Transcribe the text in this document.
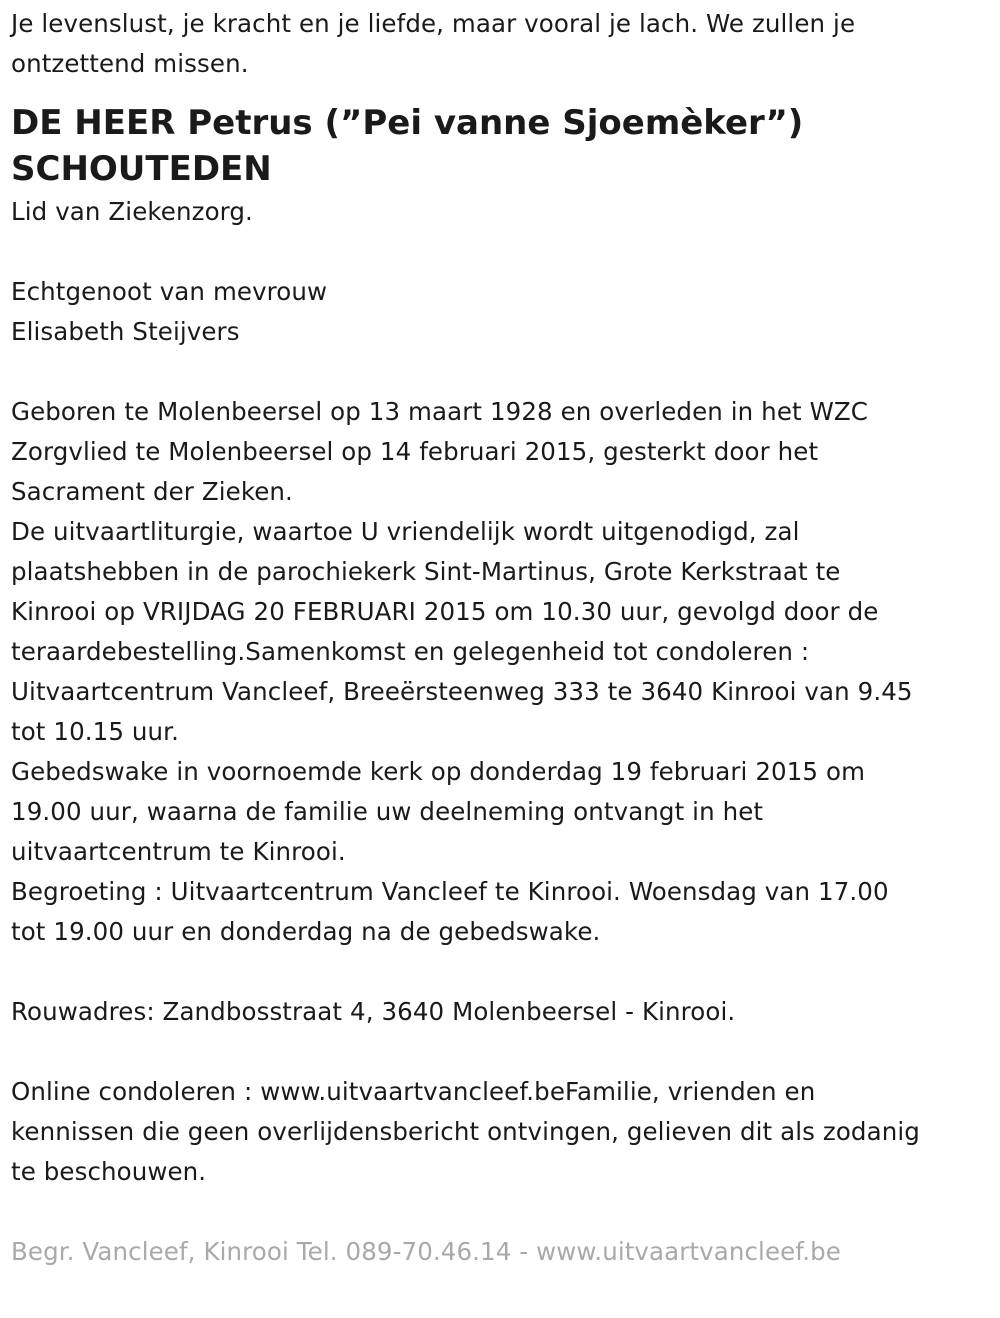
Je levenslust, je kracht en je liefde, maar vooral je lach. We zullen je
ontzettend missen.
DE HEER Petrus (”Pei vanne Sjoemèker”)
SCHOUTEDEN
Lid van Ziekenzorg.
Echtgenoot van mevrouw
Elisabeth Steijvers
Geboren te Molenbeersel op 13 maart 1928 en overleden in het WZC
Zorgvlied te Molenbeersel op 14 februari 2015, gesterkt door het
Sacrament der Zieken.
De uitvaartliturgie, waartoe U vriendelijk wordt uitgenodigd, zal
plaatshebben in de parochiekerk Sint-Martinus, Grote Kerkstraat te
Kinrooi op VRIJDAG 20 FEBRUARI 2015 om 10.30 uur, gevolgd door de
teraardebestelling.Samenkomst en gelegenheid tot condoleren :
Uitvaartcentrum Vancleef, Breeërsteenweg 333 te 3640 Kinrooi van 9.45
tot 10.15 uur.
Gebedswake in voornoemde kerk op donderdag 19 februari 2015 om
19.00 uur, waarna de familie uw deelneming ontvangt in het
uitvaartcentrum te Kinrooi.
Begroeting : Uitvaartcentrum Vancleef te Kinrooi. Woensdag van 17.00
tot 19.00 uur en donderdag na de gebedswake.
Rouwadres: Zandbosstraat 4, 3640 Molenbeersel - Kinrooi.
Online condoleren : www.uitvaartvancleef.beFamilie, vrienden en
kennissen die geen overlijdensbericht ontvingen, gelieven dit als zodanig
te beschouwen.
Begr. Vancleef, Kinrooi Tel. 089-70.46.14 - www.uitvaartvancleef.be
